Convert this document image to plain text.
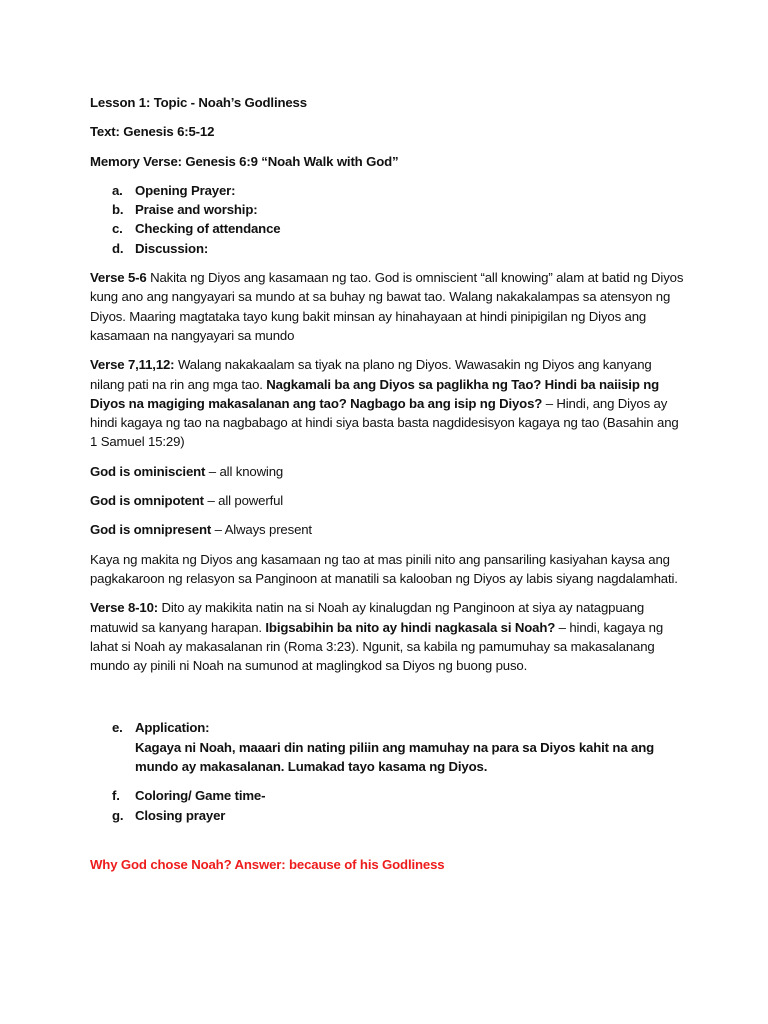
Lesson 1: Topic - Noah’s Godliness
Text: Genesis 6:5-12
Memory Verse: Genesis 6:9 “Noah Walk with God”
a. Opening Prayer:
b. Praise and worship:
c. Checking of attendance
d. Discussion:

Verse 5-6 Nakita ng Diyos ang kasamaan ng tao. God is omniscient “all knowing” alam at batid ng Diyos kung ano ang nangyayari sa mundo at sa buhay ng bawat tao. Walang nakakalampas sa atensyon ng Diyos. Maaring magtataka tayo kung bakit minsan ay hinahayaan at hindi pinipigilan ng Diyos ang kasamaan na nangyayari sa mundo

Verse 7,11,12: Walang nakakaalam sa tiyak na plano ng Diyos. Wawasakin ng Diyos ang kanyang nilang pati na rin ang mga tao. Nagkamali ba ang Diyos sa paglikha ng Tao? Hindi ba naiisip ng Diyos na magiging makasalanan ang tao? Nagbago ba ang isip ng Diyos? – Hindi, ang Diyos ay hindi kagaya ng tao na nagbabago at hindi siya basta basta nagdidesisyon kagaya ng tao (Basahin ang 1 Samuel 15:29)

God is ominiscient – all knowing

God is omnipotent – all powerful

God is omnipresent – Always present

Kaya ng makita ng Diyos ang kasamaan ng tao at mas pinili nito ang pansariling kasiyahan kaysa ang pagkakaroon ng relasyon sa Panginoon at manatili sa kalooban ng Diyos ay labis siyang nagdalamhati.

Verse 8-10: Dito ay makikita natin na si Noah ay kinalugdan ng Panginoon at siya ay natagpuang matuwid sa kanyang harapan. Ibigsabihin ba nito ay hindi nagkasala si Noah? – hindi, kagaya ng lahat si Noah ay makasalanan rin (Roma 3:23). Ngunit, sa kabila ng pamumuhay sa makasalanang mundo ay pinili ni Noah na sumunod at maglingkod sa Diyos ng buong puso.

e. Application:
Kagaya ni Noah, maaari din nating piliin ang mamuhay na para sa Diyos kahit na ang mundo ay makasalanan. Lumakad tayo kasama ng Diyos.
f.	Coloring/ Game time-
g. Closing prayer
Why God chose Noah? Answer: because of his Godliness
